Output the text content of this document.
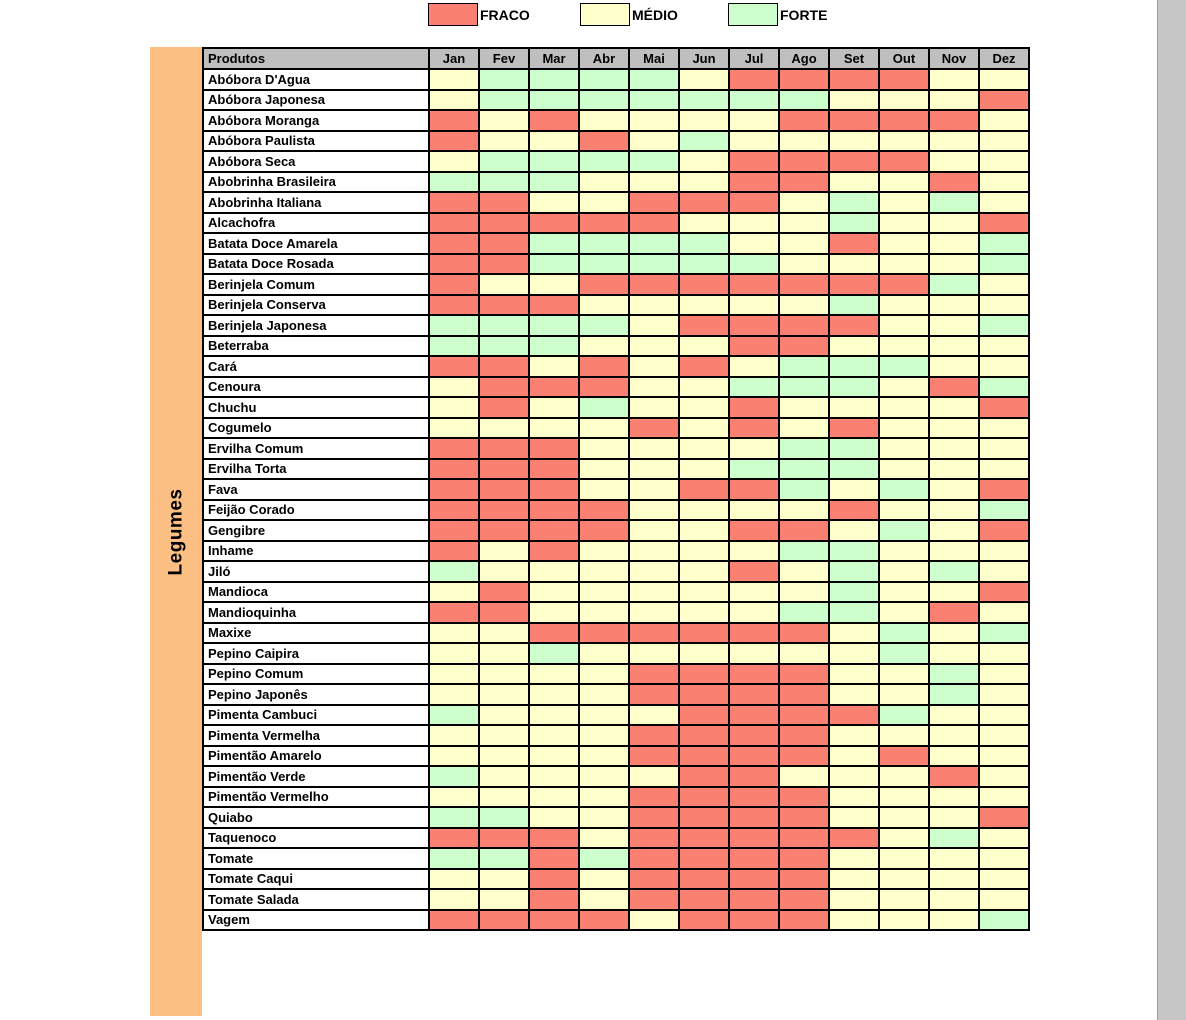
FRACO	MÉDIO	FORTE
Legumes
Produtos	Jan	Fev	Mar	Abr	Mai	Jun	Jul	Ago	Set	Out	Nov	Dez
Abóbora D'Agua												
Abóbora Japonesa												
Abóbora Moranga												
Abóbora Paulista												
Abóbora Seca												
Abobrinha Brasileira												
Abobrinha Italiana												
Alcachofra												
Batata Doce Amarela												
Batata Doce Rosada												
Berinjela Comum												
Berinjela Conserva												
Berinjela Japonesa												
Beterraba												
Cará												
Cenoura												
Chuchu												
Cogumelo												
Ervilha Comum												
Ervilha Torta												
Fava												
Feijão Corado												
Gengibre												
Inhame												
Jiló												
Mandioca												
Mandioquinha												
Maxixe												
Pepino Caipira												
Pepino Comum												
Pepino Japonês												
Pimenta Cambuci												
Pimenta Vermelha												
Pimentão Amarelo												
Pimentão Verde												
Pimentão Vermelho												
Quiabo												
Taquenoco												
Tomate												
Tomate Caqui												
Tomate Salada												
Vagem												
